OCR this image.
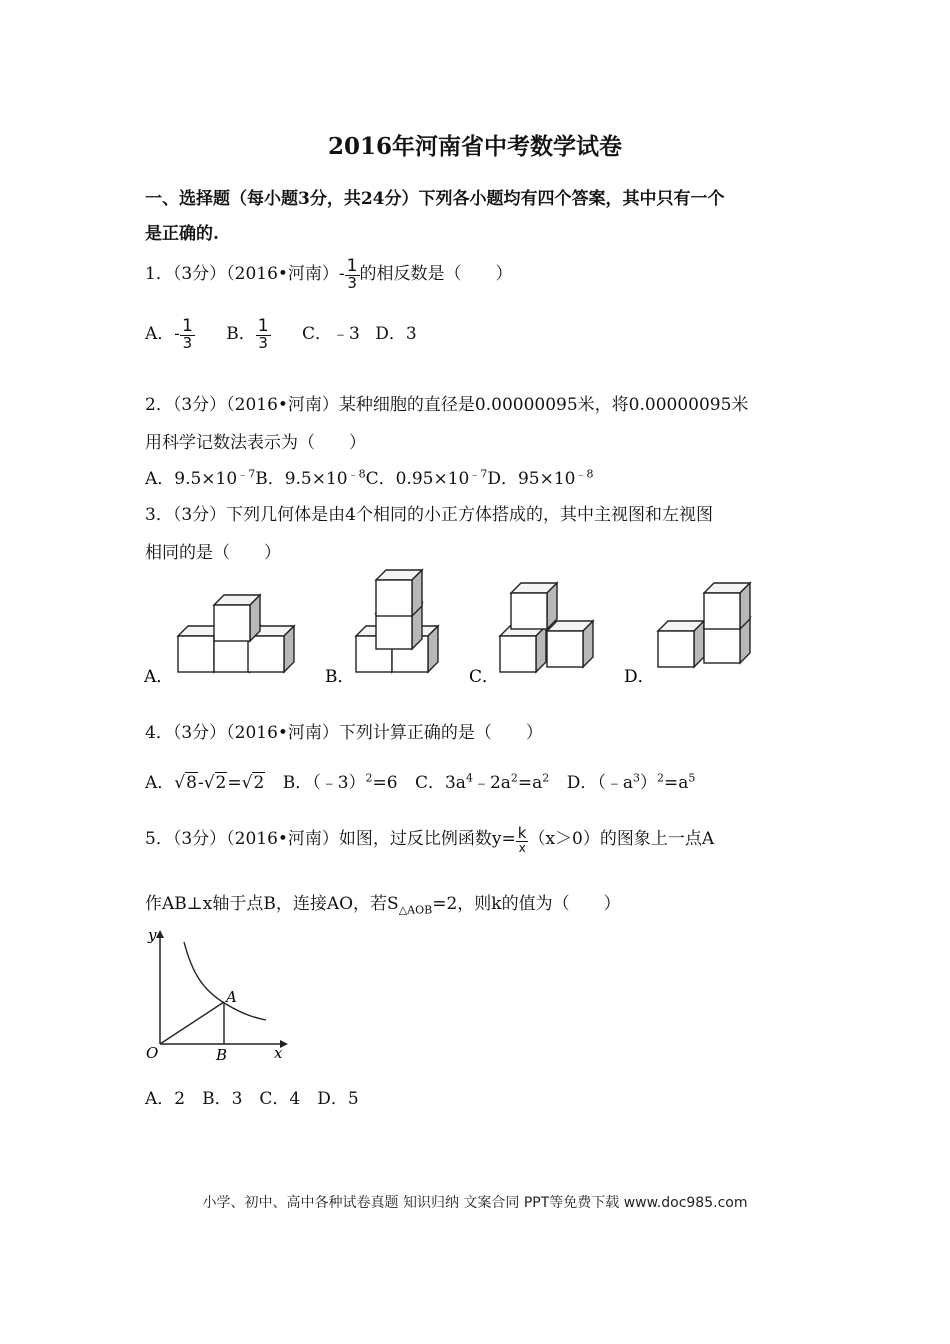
2016年河南省中考数学试卷
一、选择题（每小题3分，共24分）下列各小题均有四个答案，其中只有一个
是正确的.
1．（3分）（2016•河南）- $\frac{1}{3}$ 的相反数是（　　）
A．- $\frac{1}{3}$ B． $\frac{1}{3}$ C．﹣3 D．3
2．（3分）（2016•河南）某种细胞的直径是0.00000095米，将0.00000095米
用科学记数法表示为（　　）
A．$9.5\times 10^{﹣7}B$．$9.5\times 10^{﹣8}C$．$0.95\times 10^{﹣7}D$．$95\times 10^{﹣8}$
3．（3分）下列几何体是由4个相同的小正方体搭成的，其中主视图和左视图
相同的是（　　）
A．	B．	C．	D．
4．（3分）（2016•河南）下列计算正确的是（　　）
A．√8-√2=√2 B．（﹣3）$^2$=6 C．$3a^4﹣2a^2=a^2$ D．$(﹣a^3)^2=a^5$
5．（3分）（2016•河南）如图，过反比例函数$y= \frac{k}{x} (x>0)$的图象上一点A
作AB⊥x轴于点B，连接AO，若$S_{\triangle AOB}=2$，则k的值为（　　）
y
x
O
A
B
A．2　B．3　C．4　D．5
小学、初中、高中各种试卷真题 知识归纳 文案合同 PPT等免费下载 www.doc985.com
